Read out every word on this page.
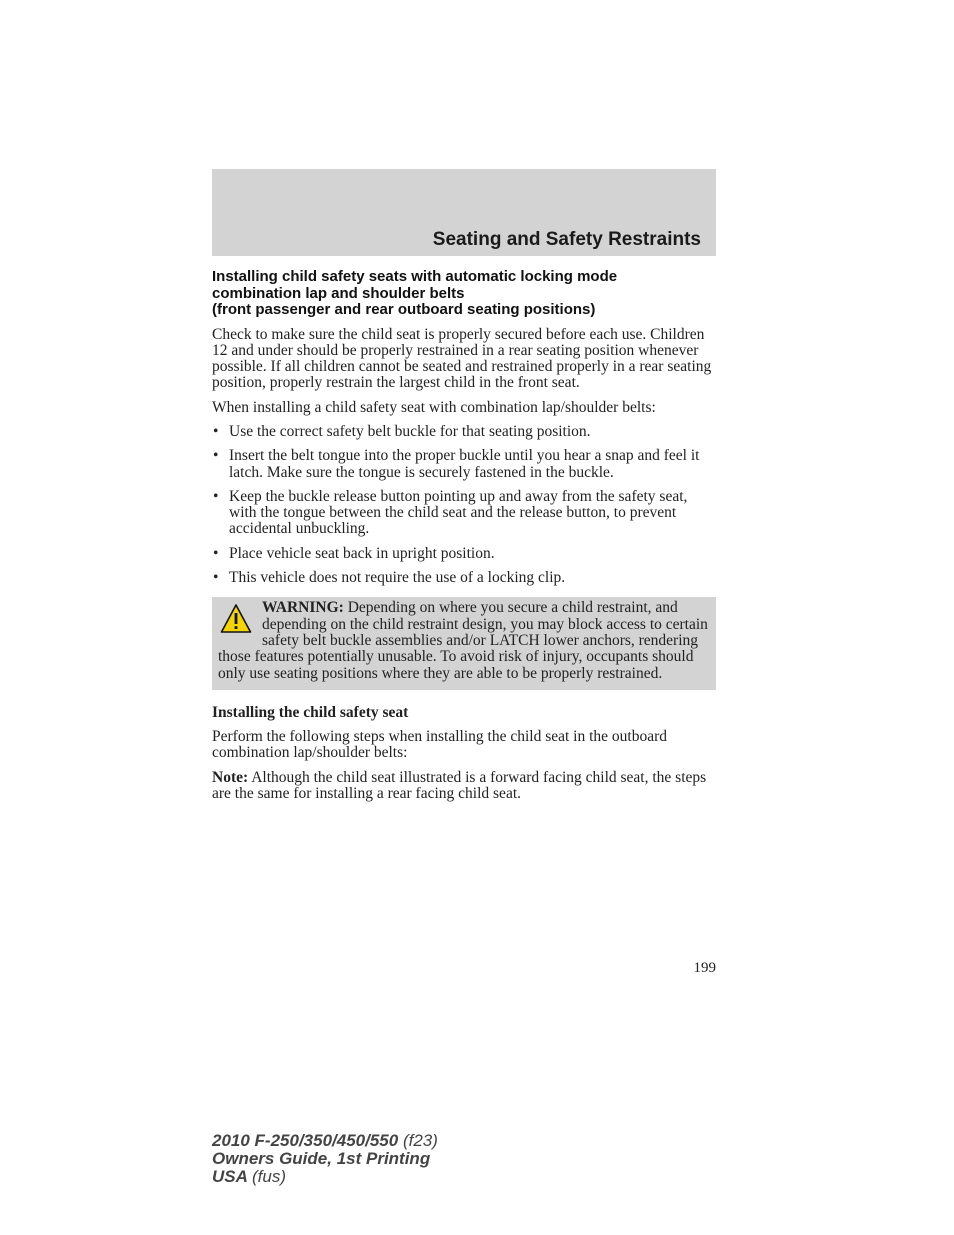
Seating and Safety Restraints
Installing child safety seats with automatic locking mode
combination lap and shoulder belts
(front passenger and rear outboard seating positions)

Check to make sure the child seat is properly secured before each use. Children 12 and under should be properly restrained in a rear seating position whenever possible. If all children cannot be seated and restrained properly in a rear seating position, properly restrain the largest child in the front seat.

When installing a child safety seat with combination lap/shoulder belts:

• Use the correct safety belt buckle for that seating position.
• Insert the belt tongue into the proper buckle until you hear a snap and feel it latch. Make sure the tongue is securely fastened in the buckle.
• Keep the buckle release button pointing up and away from the safety seat, with the tongue between the child seat and the release button, to prevent accidental unbuckling.
• Place vehicle seat back in upright position.
• This vehicle does not require the use of a locking clip.
WARNING: Depending on where you secure a child restraint, and depending on the child restraint design, you may block access to certain safety belt buckle assemblies and/or LATCH lower anchors, rendering those features potentially unusable. To avoid risk of injury, occupants should only use seating positions where they are able to be properly restrained.

Installing the child safety seat

Perform the following steps when installing the child seat in the outboard combination lap/shoulder belts:

Note: Although the child seat illustrated is a forward facing child seat, the steps are the same for installing a rear facing child seat.

199
2010 F-250/350/450/550 (f23)
Owners Guide, 1st Printing
USA (fus)
